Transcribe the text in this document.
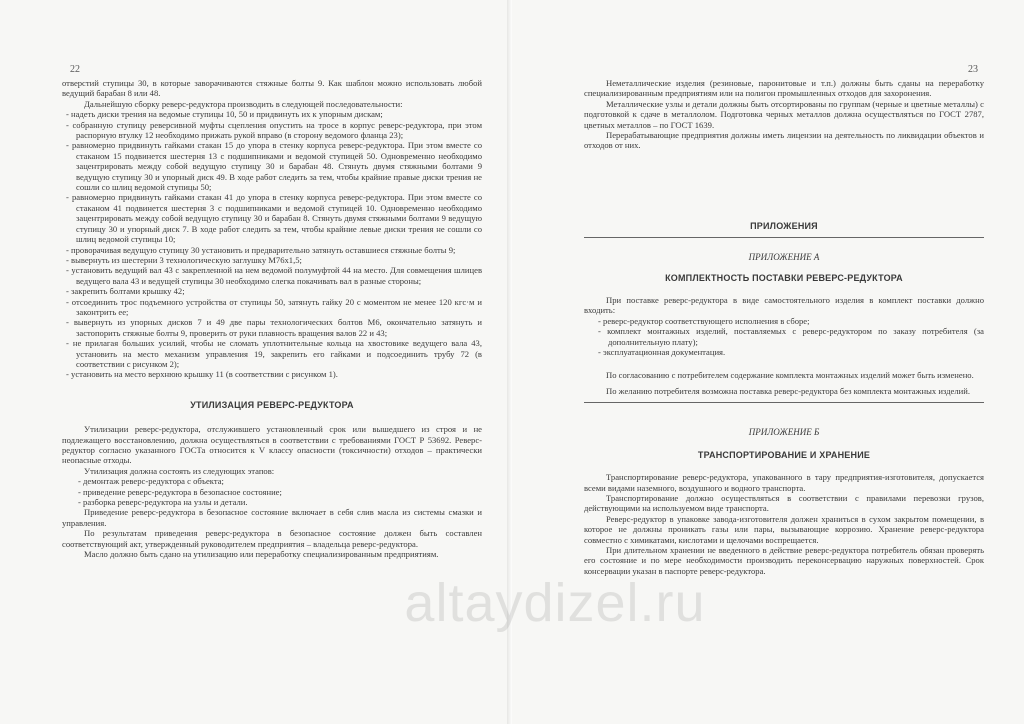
отверстий ступицы 30, в которые заворачиваются стяжные болты 9. Как шаблон можно использовать любой ведущий барабан 8 или 48.

Дальнейшую сборку реверс-редуктора производить в следующей последовательности:

- надеть диски трения на ведомые ступицы 10, 50 и придвинуть их к упорным дискам;
- собранную ступицу реверсивной муфты сцепления опустить на тросе в корпус реверс-редуктора, при этом распорную втулку 12 необходимо прижать рукой вправо (в сторону ведомого фланца 23);
- равномерно придвинуть гайками стакан 15 до упора в стенку корпуса реверс-редуктора. При этом вместе со стаканом 15 подвинется шестерня 13 с подшипниками и ведомой ступицей 50. Одновременно необходимо зацентрировать между собой ведущую ступицу 30 и барабан 48. Стянуть двумя стяжными болтами 9 ведущую ступицу 30 и упорный диск 49. В ходе работ следить за тем, чтобы крайние правые диски трения не сошли со шлиц ведомой ступицы 50;
- равномерно придвинуть гайками стакан 41 до упора в стенку корпуса реверс-редуктора. При этом вместе со стаканом 41 подвинется шестерня 3 с подшипниками и ведомой ступицей 10. Одновременно необходимо зацентрировать между собой ведущую ступицу 30 и барабан 8. Стянуть двумя стяжными болтами 9 ведущую ступицу 30 и упорный диск 7. В ходе работ следить за тем, чтобы крайние левые диски трения не сошли со шлиц ведомой ступицы 10;
- проворачивая ведущую ступицу 30 установить и предварительно затянуть оставшиеся стяжные болты 9;
- вывернуть из шестерни 3 технологическую заглушку М76х1,5;
- установить ведущий вал 43 с закрепленной на нем ведомой полумуфтой 44 на место. Для совмещения шлицев ведущего вала 43 и ведущей ступицы 30 необходимо слегка покачивать вал в разные стороны;
- закрепить болтами крышку 42;
- отсоединить трос подъемного устройства от ступицы 50, затянуть гайку 20 с моментом не менее 120 кгс·м и законтрить ее;
- вывернуть из упорных дисков 7 и 49 две пары технологических болтов М6, окончательно затянуть и застопорить стяжные болты 9, проверить от руки плавность вращения валов 22 и 43;
- не прилагая больших усилий, чтобы не сломать уплотнительные кольца на хвостовике ведущего вала 43, установить на место механизм управления 19, закрепить его гайками и подсоединить трубу 72 (в соответствии с рисунком 2);
- установить на место верхнюю крышку 11 (в соответствии с рисунком 1).
УТИЛИЗАЦИЯ РЕВЕРС-РЕДУКТОРА

Утилизации реверс-редуктора, отслужившего установленный срок или вышедшего из строя и не подлежащего восстановлению, должна осуществляться в соответствии с требованиями ГОСТ Р 53692. Реверс-редуктор согласно указанного ГОСТа относится к V классу опасности (токсичности) отходов – практически неопасные отходы.

Утилизация должна состоять из следующих этапов:

- демонтаж реверс-редуктора с объекта;
- приведение реверс-редуктора в безопасное состояние;
- разборка реверс-редуктора на узлы и детали.

Приведение реверс-редуктора в безопасное состояние включает в себя слив масла из системы смазки и управления.

По результатам приведения реверс-редуктора в безопасное состояние должен быть составлен соответствующий акт, утвержденный руководителем предприятия – владельца реверс-редуктора.

Масло должно быть сдано на утилизацию или переработку специализированным предприятиям.

Неметаллические изделия (резиновые, паронитовые и т.п.) должны быть сданы на переработку специализированным предприятиям или на полигон промышленных отходов для захоронения.

Металлические узлы и детали должны быть отсортированы по группам (черные и цветные металлы) с подготовкой к сдаче в металлолом. Подготовка черных металлов должна осуществляться по ГОСТ 2787, цветных металлов – по ГОСТ 1639.

Перерабатывающие предприятия должны иметь лицензии на деятельность по ликвидации объектов и отходов от них.

ПРИЛОЖЕНИЯ
ПРИЛОЖЕНИЕ А
КОМПЛЕКТНОСТЬ ПОСТАВКИ РЕВЕРС-РЕДУКТОРА

При поставке реверс-редуктора в виде самостоятельного изделия в комплект поставки должно входить:

- реверс-редуктор соответствующего исполнения в сборе;
- комплект монтажных изделий, поставляемых с реверс-редуктором по заказу потребителя (за дополнительную плату);
- эксплуатационная документация.

По согласованию с потребителем содержание комплекта монтажных изделий может быть изменено.

По желанию потребителя возможна поставка реверс-редуктора без комплекта монтажных изделий.

ПРИЛОЖЕНИЕ Б
ТРАНСПОРТИРОВАНИЕ И ХРАНЕНИЕ

Транспортирование реверс-редуктора, упакованного в тару предприятия-изготовителя, допускается всеми видами наземного, воздушного и водного транспорта.

Транспортирование должно осуществляться в соответствии с правилами перевозки грузов, действующими на используемом виде транспорта.

Реверс-редуктор в упаковке завода-изготовителя должен храниться в сухом закрытом помещении, в которое не должны проникать газы или пары, вызывающие коррозию. Хранение реверс-редуктора совместно с химикатами, кислотами и щелочами воспрещается.

При длительном хранении не введенного в действие реверс-редуктора потребитель обязан проверять его состояние и по мере необходимости производить переконсервацию наружных поверхностей. Срок консервации указан в паспорте реверс-редуктора.

22	23
